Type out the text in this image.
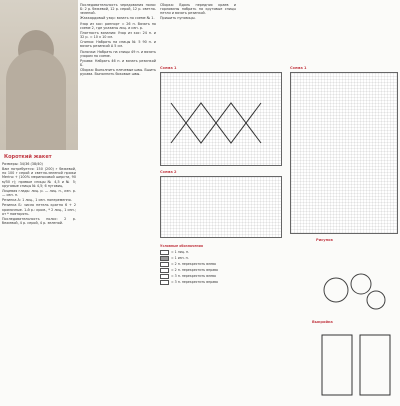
Короткий жакет

Размеры: 34/36 (38/40)

Вам потребуется: 150 (200) г бежевой, по 100 г серой и светло-зеленой пряжи Merino + (100% мериносовой шерсти, 90 м/50 г); прямые спицы № 4,5 и № 5; круговые спицы № 4,5; 6 пуговиц.

Лицевая гладь: лиц. р. — лиц. п., изн. р. — изн. п.

Резинка А: 1 лиц., 1 изн. попеременно.

Резинка Б: число петель кратно 6 + 2 кромочные. 1-й р.: кром., * 2 лиц., 1 изн.; от * повторять.

Последовательность полос: 2 р. бежевой, 4 р. серой, 4 р. зеленой.

Последовательность чередования полос Б: 2 р. бежевой, 12 р. серой, 12 р. светло-зеленой.

Жаккардовый узор: вязать по схеме № 1.

Узор из кос: раппорт = 26 п. Вязать по схеме 2, где указаны лиц. и изн. р.

Плотность вязания: Узор из кос: 24 п. и 32 р. = 10 х 10 см.

Спинка: Набрать на спицы № 5 90 п. и вязать резинкой А 5 см.

Полочки: Набрать на спицы 49 п. и вязать узором по схеме.

Рукава: Набрать 46 п. и вязать резинкой Б.

Сборка: Выполнить плечевые швы. Вшить рукава. Выполнить боковые швы.

Сборка: Вдоль передних краев и горловины набрать на круговые спицы петли и вязать резинкой.

Пришить пуговицы.

Схема 1
Схема 2
Условные обозначения
= 1 лиц. п.
= 1 изн. п.
= 2 п. перекрестить влево
= 2 п. перекрестить вправо
= 3 п. перекрестить влево
= 3 п. перекрестить вправо
Схема 1
Рисунок
Выкройка
